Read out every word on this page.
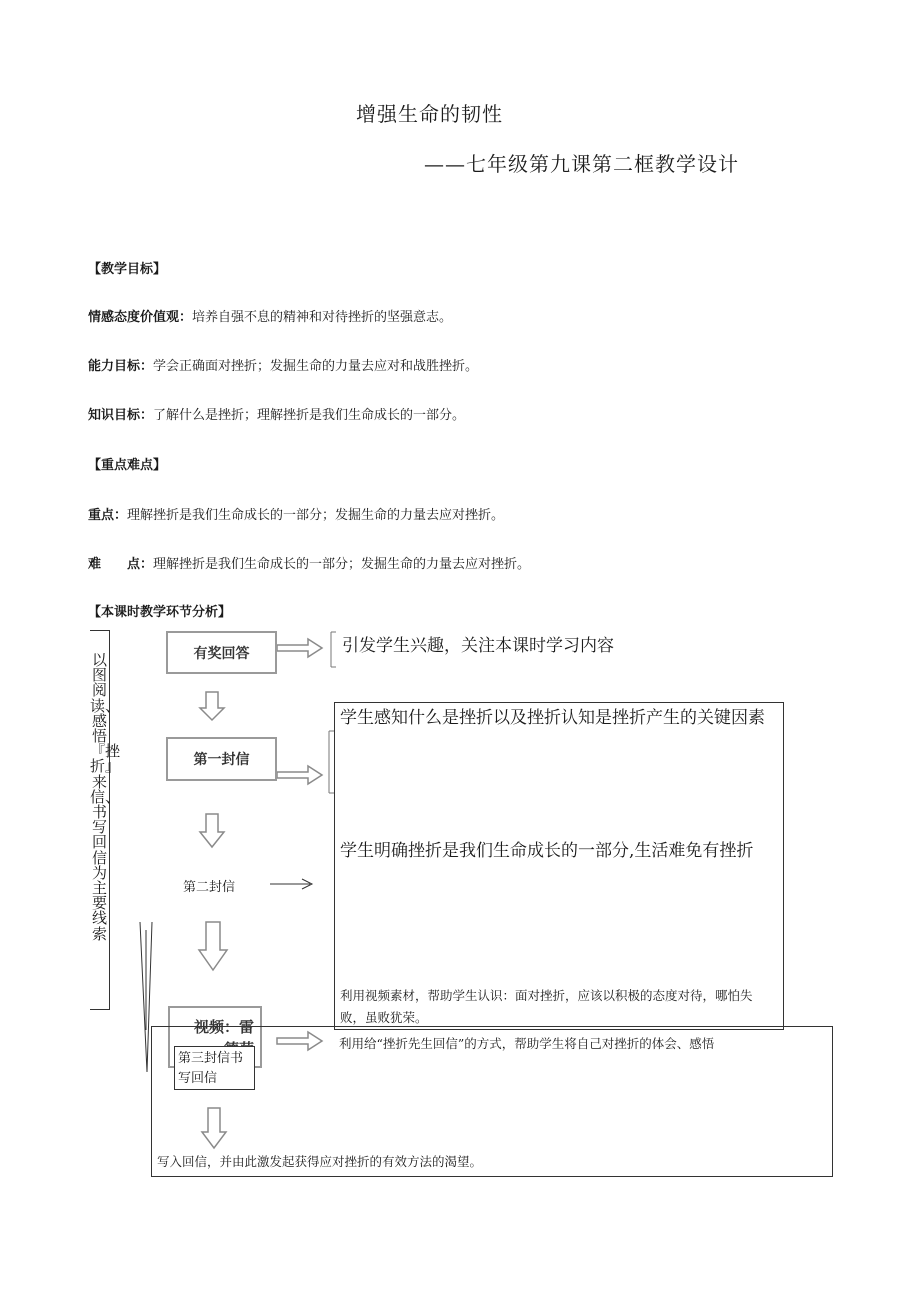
增强生命的韧性
——七年级第九课第二框教学设计
【教学目标】
情感态度价值观：培养自强不息的精神和对待挫折的坚强意志。
能力目标：学会正确面对挫折；发掘生命的力量去应对和战胜挫折。
知识目标：了解什么是挫折；理解挫折是我们生命成长的一部分。
【重点难点】
重点：理解挫折是我们生命成长的一部分；发掘生命的力量去应对挫折。
难　　点：理解挫折是我们生命成长的一部分；发掘生命的力量去应对挫折。
【本课时教学环节分析】
以图阅读、感悟『挫折』来信、书写回信为主要线索
有奖回答
第一封信
第二封信
视频：雷
第三封信书写回信
引发学生兴趣，关注本课时学习内容
学生感知什么是挫折以及挫折认知是挫折产生的关键因素
学生明确挫折是我们生命成长的一部分,生活难免有挫折
利用视频素材，帮助学生认识：面对挫折，应该以积极的态度对待，哪怕失败，虽败犹荣。
利用给“挫折先生回信”的方式，帮助学生将自己对挫折的体会、感悟
写入回信，并由此激发起获得应对挫折的有效方法的渴望。
